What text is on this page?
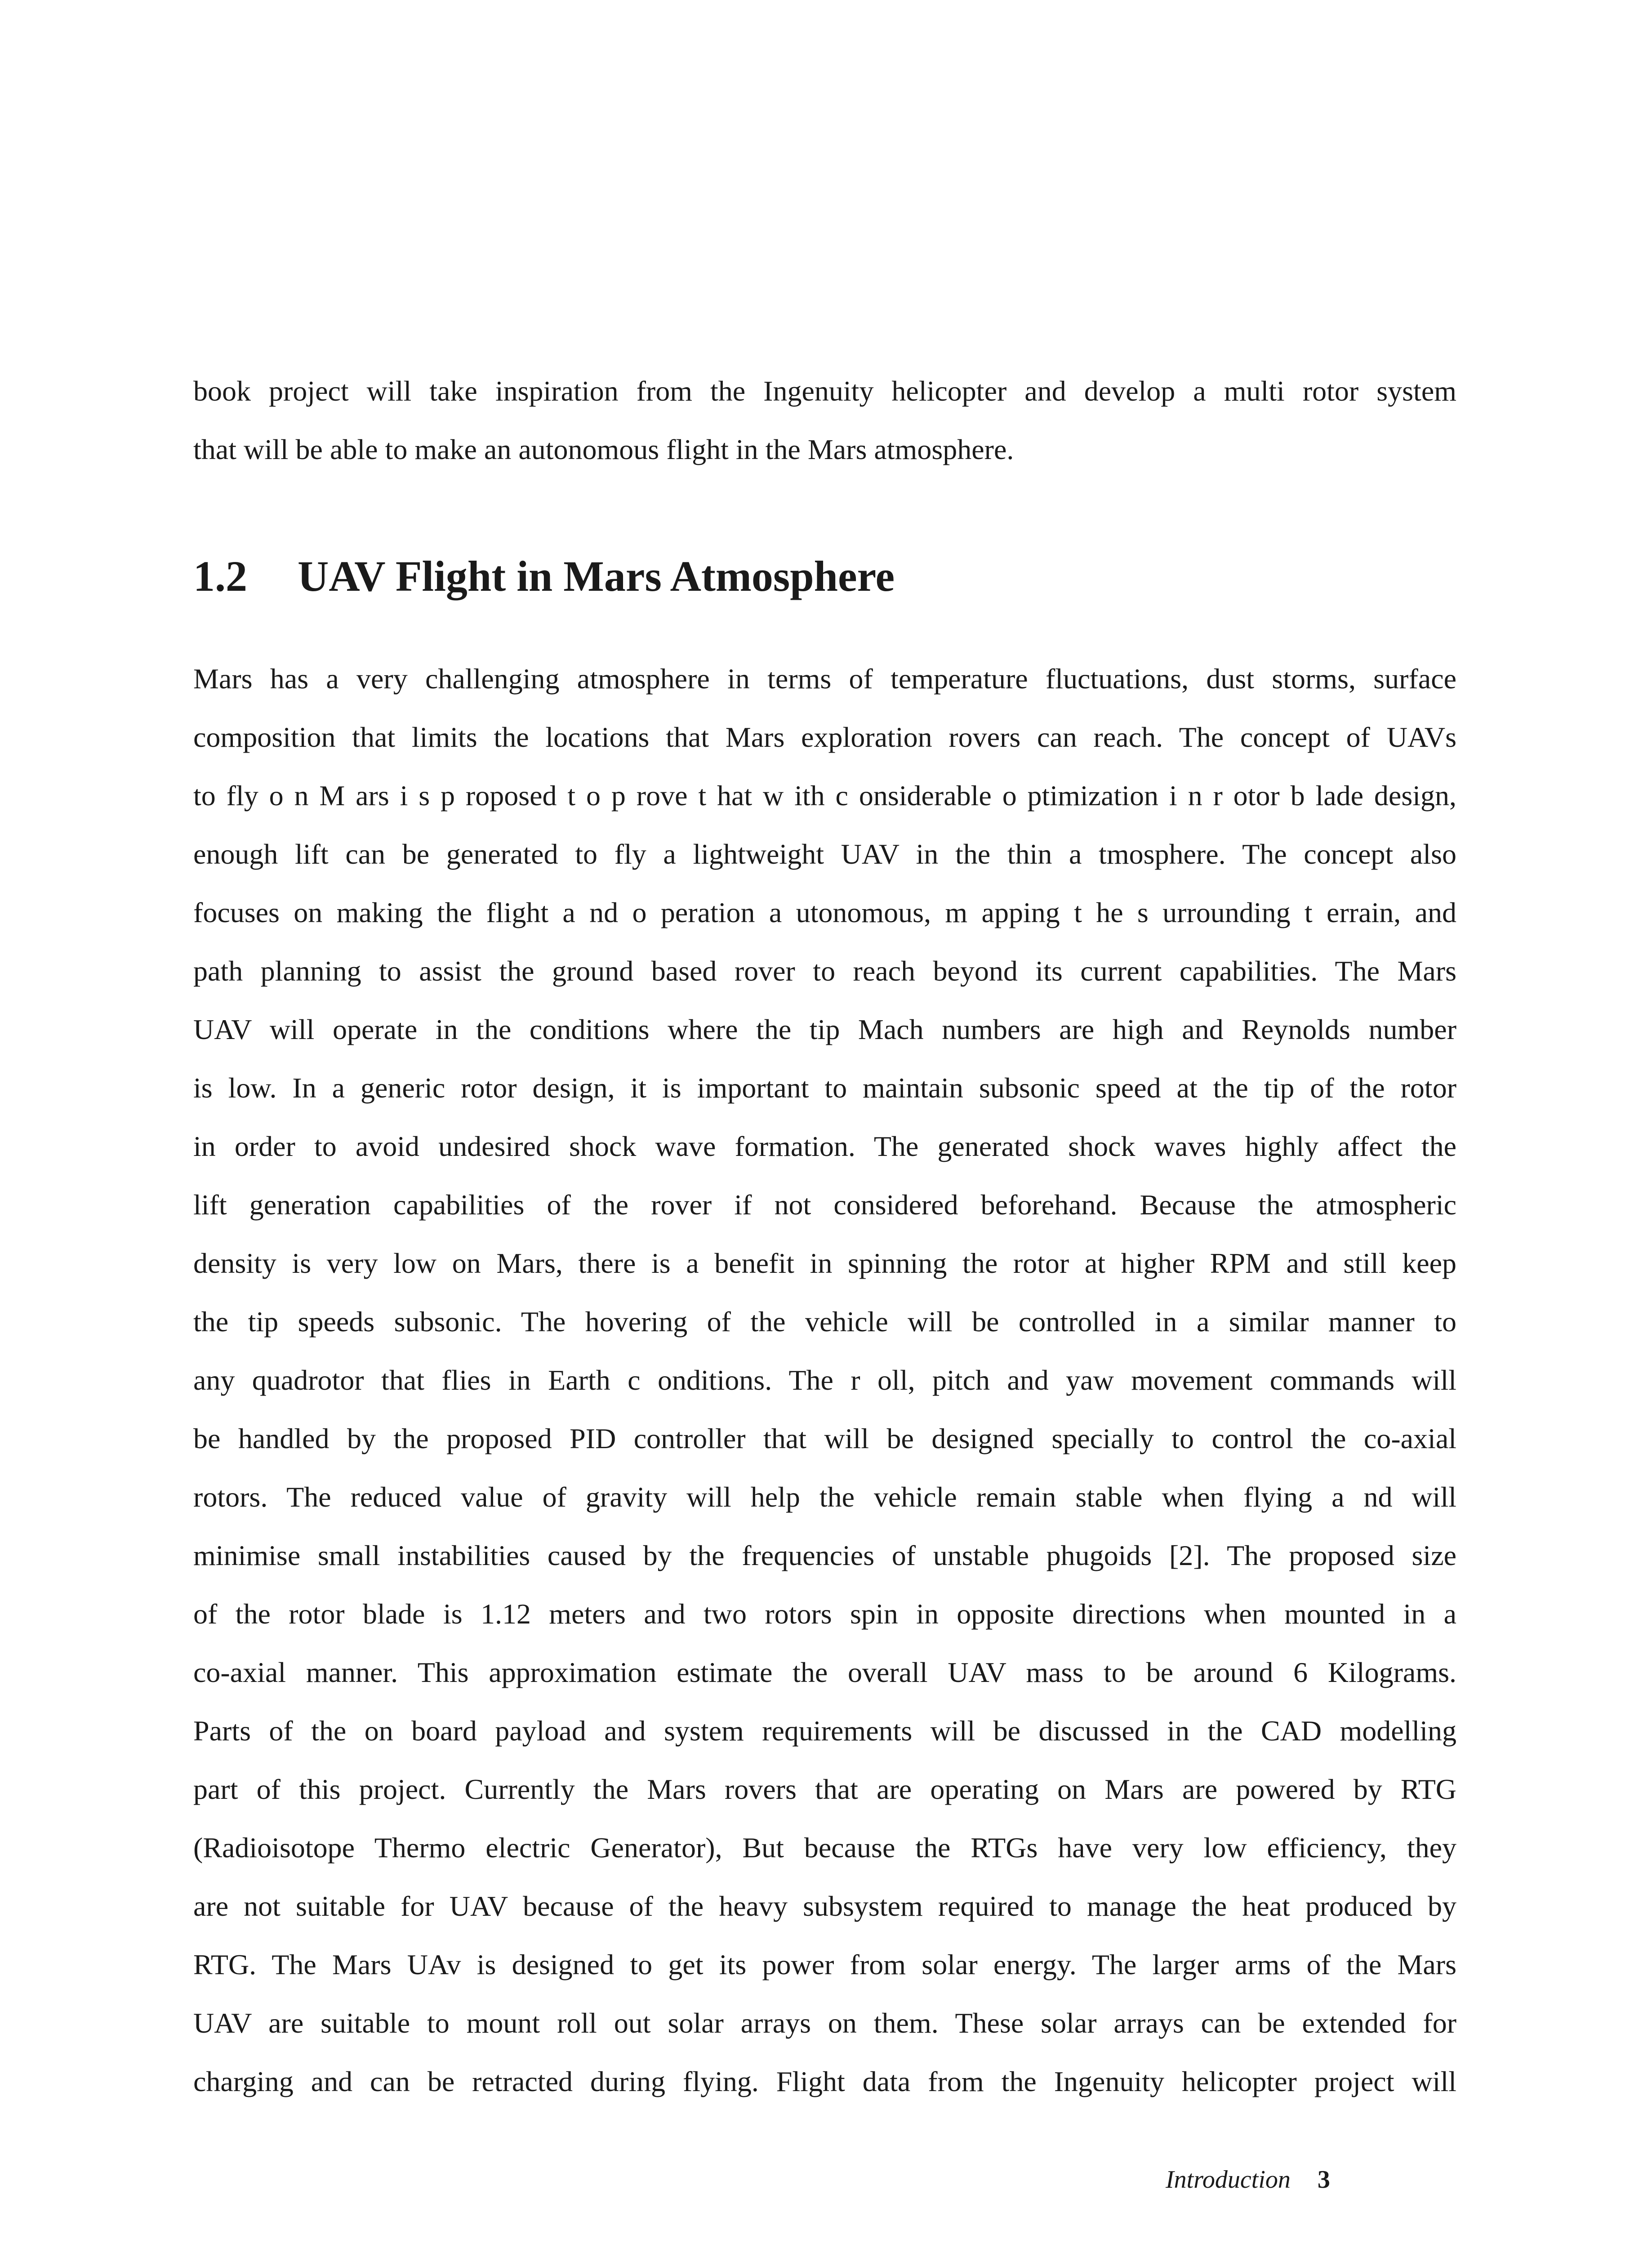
book project will take inspiration from the Ingenuity helicopter and develop a multi rotor system
that will be able to make an autonomous flight in the Mars atmosphere.

1.2 UAV Flight in Mars Atmosphere

Mars has a very challenging atmosphere in terms of temperature fluctuations, dust storms, surface
composition that limits the locations that Mars exploration rovers can reach. The concept of UAVs
to fly o n M ars i s p roposed t o p rove t hat w ith c onsiderable o ptimization i n r otor b lade design,
enough lift can be generated to fly a lightweight UAV in the thin a tmosphere. The concept also
focuses on making the flight a nd o peration a utonomous, m apping t he s urrounding t errain, and
path planning to assist the ground based rover to reach beyond its current capabilities. The Mars
UAV will operate in the conditions where the tip Mach numbers are high and Reynolds number
is low. In a generic rotor design, it is important to maintain subsonic speed at the tip of the rotor
in order to avoid undesired shock wave formation. The generated shock waves highly affect the
lift generation capabilities of the rover if not considered beforehand. Because the atmospheric
density is very low on Mars, there is a benefit in spinning the rotor at higher RPM and still keep
the tip speeds subsonic. The hovering of the vehicle will be controlled in a similar manner to
any quadrotor that flies in Earth c onditions. The r oll, pitch and yaw movement commands will
be handled by the proposed PID controller that will be designed specially to control the co-axial
rotors. The reduced value of gravity will help the vehicle remain stable when flying a nd will
minimise small instabilities caused by the frequencies of unstable phugoids [2]. The proposed size
of the rotor blade is 1.12 meters and two rotors spin in opposite directions when mounted in a
co-axial manner. This approximation estimate the overall UAV mass to be around 6 Kilograms.
Parts of the on board payload and system requirements will be discussed in the CAD modelling
part of this project. Currently the Mars rovers that are operating on Mars are powered by RTG
(Radioisotope Thermo electric Generator), But because the RTGs have very low efficiency, they
are not suitable for UAV because of the heavy subsystem required to manage the heat produced by
RTG. The Mars UAv is designed to get its power from solar energy. The larger arms of the Mars
UAV are suitable to mount roll out solar arrays on them. These solar arrays can be extended for
charging and can be retracted during flying. Flight data from the Ingenuity helicopter project will

Introduction 3
